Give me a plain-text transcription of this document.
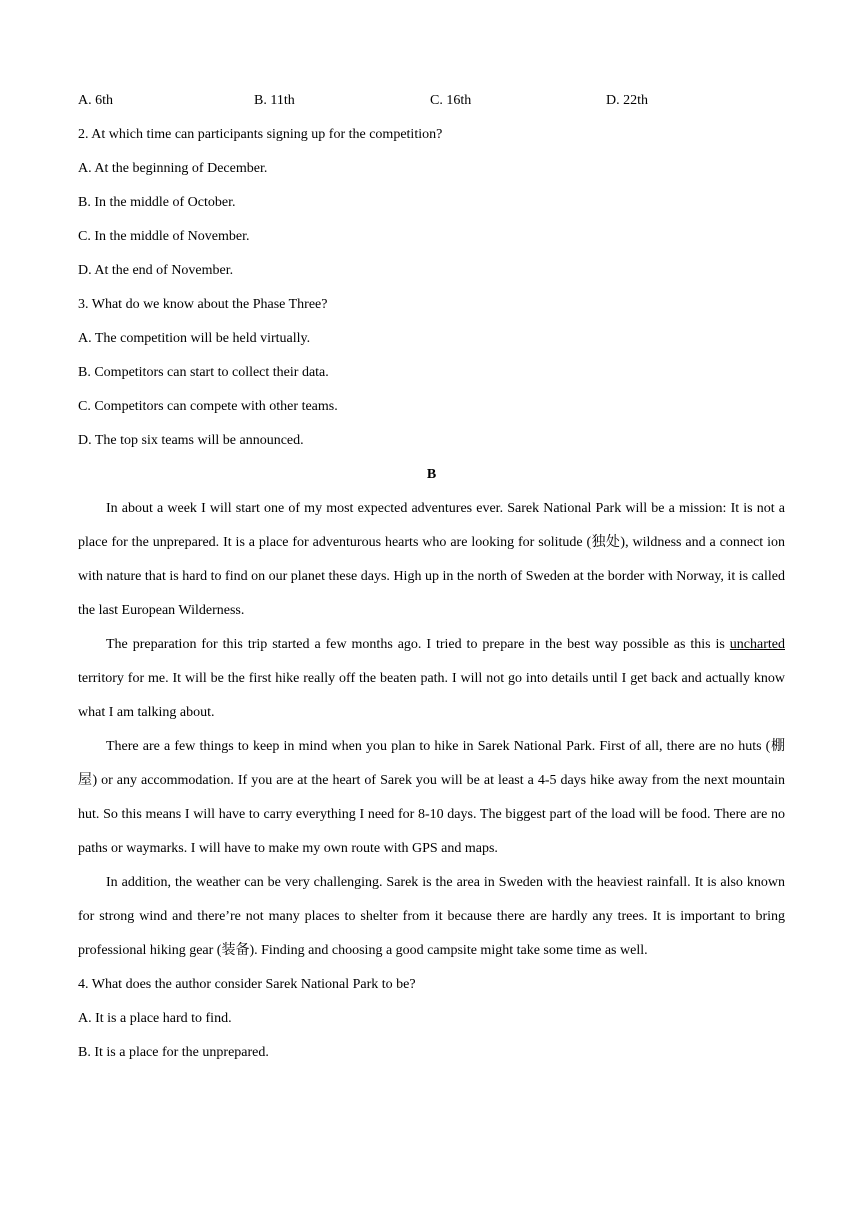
A. 6th	B. 11th	C. 16th	D. 22th
2. At which time can participants signing up for the competition?
A. At the beginning of December.
B. In the middle of October.
C. In the middle of November.
D. At the end of November.
3. What do we know about the Phase Three?
A. The competition will be held virtually.
B. Competitors can start to collect their data.
C. Competitors can compete with other teams.
D. The top six teams will be announced.
B

In about a week I will start one of my most expected adventures ever. Sarek National Park will be a mission: It is not a place for the unprepared. It is a place for adventurous hearts who are looking for solitude (独处), wildness and a connect ion with nature that is hard to find on our planet these days. High up in the north of Sweden at the border with Norway, it is called the last European Wilderness.

The preparation for this trip started a few months ago. I tried to prepare in the best way possible as this is uncharted territory for me. It will be the first hike really off the beaten path. I will not go into details until I get back and actually know what I am talking about.

There are a few things to keep in mind when you plan to hike in Sarek National Park. First of all, there are no huts (棚屋) or any accommodation. If you are at the heart of Sarek you will be at least a 4-5 days hike away from the next mountain hut. So this means I will have to carry everything I need for 8-10 days. The biggest part of the load will be food. There are no paths or waymarks. I will have to make my own route with GPS and maps.

In addition, the weather can be very challenging. Sarek is the area in Sweden with the heaviest rainfall. It is also known for strong wind and there’re not many places to shelter from it because there are hardly any trees. It is important to bring professional hiking gear (装备). Finding and choosing a good campsite might take some time as well.

4. What does the author consider Sarek National Park to be?
A. It is a place hard to find.
B. It is a place for the unprepared.
